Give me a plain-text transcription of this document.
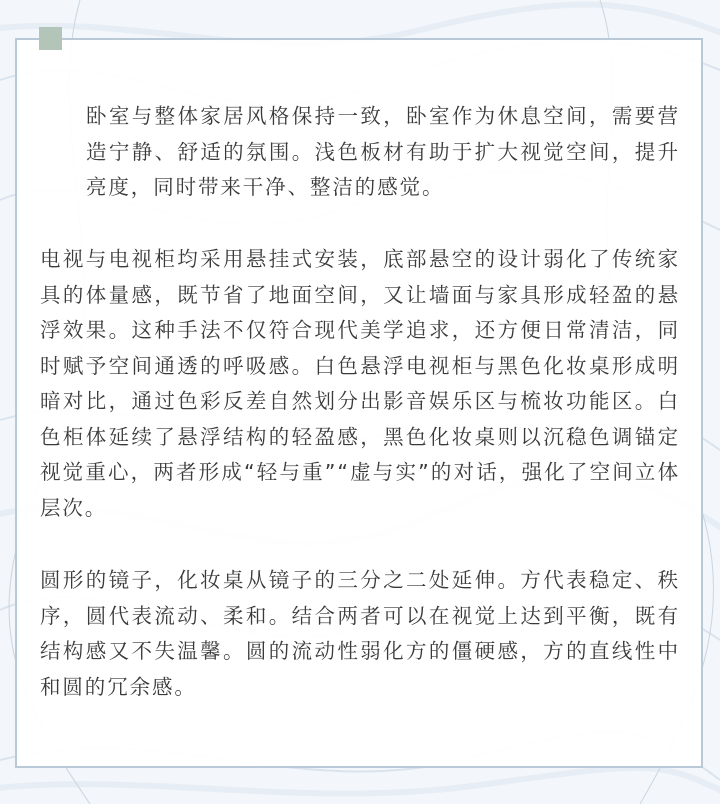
卧室与整体家居风格保持一致，卧室作为休息空间，需要营造宁静、舒适的氛围。浅色板材有助于扩大视觉空间，提升亮度，同时带来干净、整洁的感觉。

电视与电视柜均采用悬挂式安装，底部悬空的设计弱化了传统家具的体量感，既节省了地面空间，又让墙面与家具形成轻盈的悬浮效果。这种手法不仅符合现代美学追求，还方便日常清洁，同时赋予空间通透的呼吸感。白色悬浮电视柜与黑色化妆桌形成明暗对比，通过色彩反差自然划分出影音娱乐区与梳妆功能区。白色柜体延续了悬浮结构的轻盈感，黑色化妆桌则以沉稳色调锚定视觉重心，两者形成“轻与重”“虚与实”的对话，强化了空间立体层次。

圆形的镜子，化妆桌从镜子的三分之二处延伸。方代表稳定、秩序，圆代表流动、柔和。结合两者可以在视觉上达到平衡，既有结构感又不失温馨。圆的流动性弱化方的僵硬感，方的直线性中和圆的冗余感。
